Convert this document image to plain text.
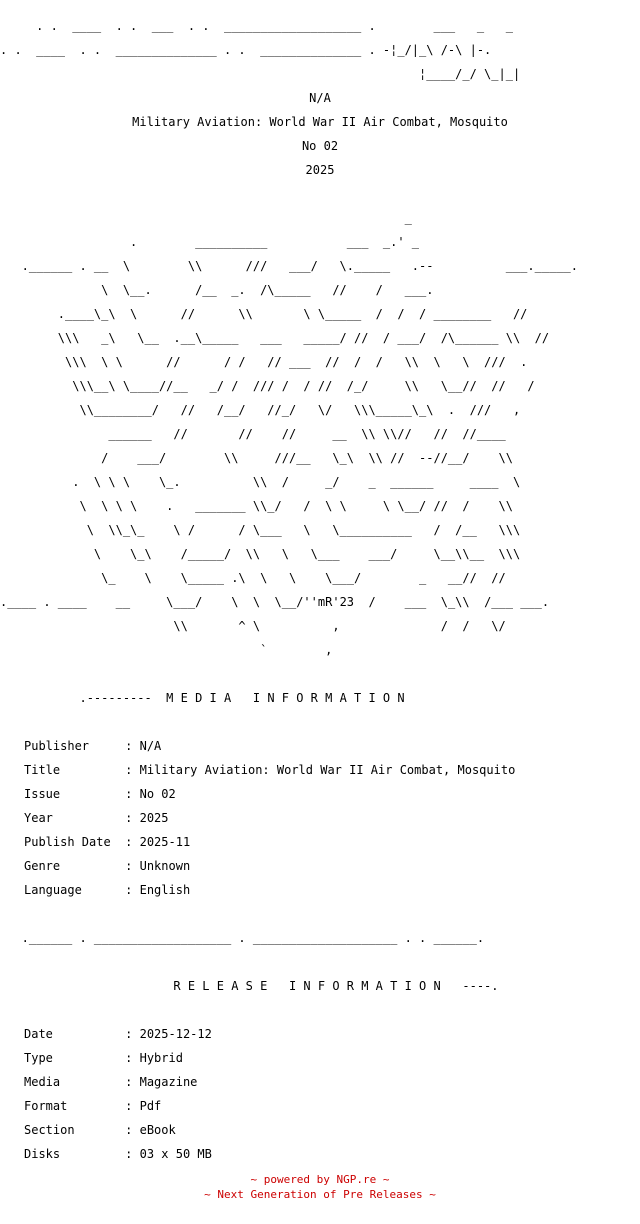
. .  ____  . .  ___  . .  ___________________ .        ___   _   _

. .  ____  . .  ______________ . .  ______________ . -¦_/|_\ /-\ |-.

¦____/_/ \_|_|

N/A

Military Aviation: World War II Air Combat, Mosquito

No 02

2025

_

.        __________           ___  _.' _

.______ . __  \        \\      ///   ___/   \._____   .--          ___._____.

\  \__.      /__  _.  /\_____   //    /   ___.

.____\_\  \      //      \\       \ \_____  /  /  / ________   //

\\\   _\   \__  .__\_____   ___   _____/ //  / ___/  /\______ \\  //

\\\  \ \      //      / /   // ___  //  /  /   \\  \   \  ///  .

\\\__\ \____//__   _/ /  /// /  / //  /_/     \\   \__//  //   /

\\________/   //   /__/   //_/   \/   \\\_____\_\  .  ///   ,

______   //       //    //     __  \\ \\//   //  //____

/    ___/        \\     ///__   \_\  \\ //  --//__/    \\

.  \ \ \    \_.          \\  /     _/    _  ______     ____  \

\  \ \ \    .   _______ \\_/   /  \ \     \ \__/ //  /    \\

\  \\_\_    \ /      / \___   \   \__________   /  /__   \\\

\    \_\    /_____/  \\   \   \___    ___/     \__\\__  \\\

\_    \    \_____ .\  \   \    \___/        _   __//  //

.____ . ____    __     \___/    \  \  \__/''mR'23  /    ___  \_\\  /___ ___.

\\       ^ \          ,              /  /   \/

`        ,

.---------  M E D I A   I N F O R M A T I O N

Publisher     : N/A

Title         : Military Aviation: World War II Air Combat, Mosquito

Issue         : No 02

Year          : 2025

Publish Date  : 2025-11

Genre         : Unknown

Language      : English

.______ . ___________________ . ____________________ . . ______.

R E L E A S E   I N F O R M A T I O N   ----.

Date          : 2025-12-12

Type          : Hybrid

Media         : Magazine

Format        : Pdf

Section       : eBook

Disks         : 03 x 50 MB

~ powered by NGP.re ~
~ Next Generation of Pre Releases ~
